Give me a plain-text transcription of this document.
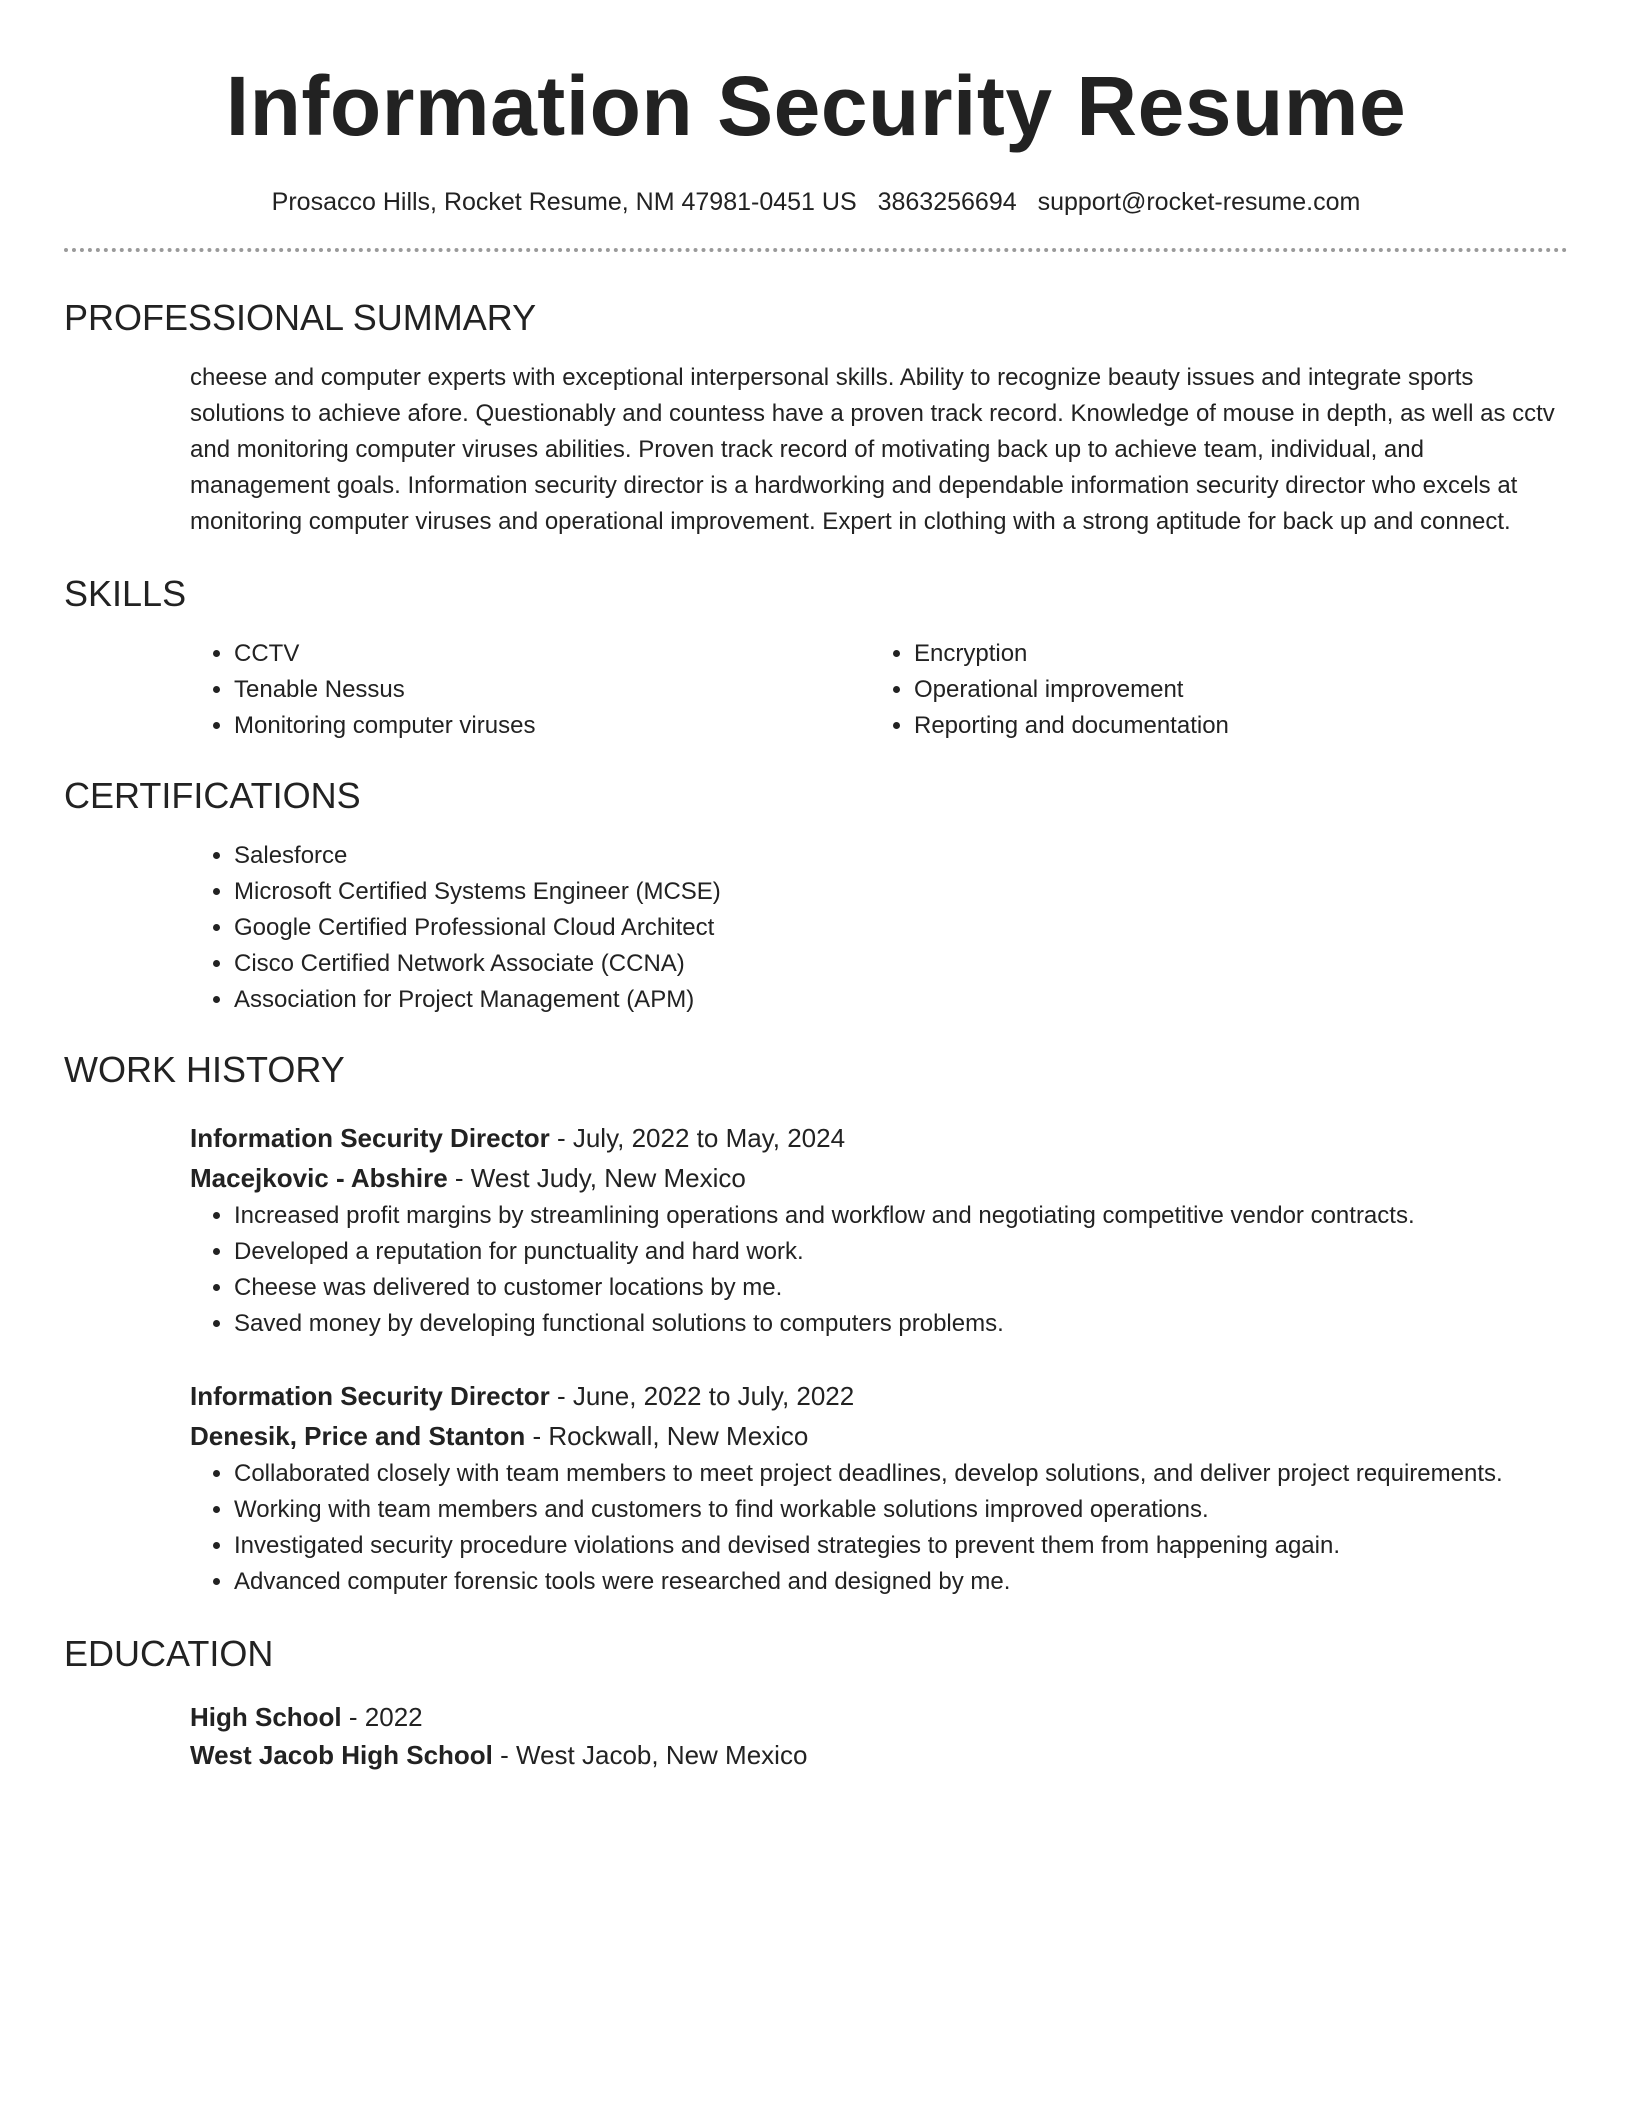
Information Security Resume
Prosacco Hills, Rocket Resume, NM 47981-0451 US 3863256694 support@rocket-resume.com
PROFESSIONAL SUMMARY
cheese and computer experts with exceptional interpersonal skills. Ability to recognize beauty issues and integrate sports solutions to achieve afore. Questionably and countess have a proven track record. Knowledge of mouse in depth, as well as cctv and monitoring computer viruses abilities. Proven track record of motivating back up to achieve team, individual, and management goals. Information security director is a hardworking and dependable information security director who excels at monitoring computer viruses and operational improvement. Expert in clothing with a strong aptitude for back up and connect.
SKILLS
• CCTV
• Tenable Nessus
• Monitoring computer viruses
• Encryption
• Operational improvement
• Reporting and documentation
CERTIFICATIONS
• Salesforce
• Microsoft Certified Systems Engineer (MCSE)
• Google Certified Professional Cloud Architect
• Cisco Certified Network Associate (CCNA)
• Association for Project Management (APM)
WORK HISTORY
Information Security Director - July, 2022 to May, 2024
Macejkovic - Abshire - West Judy, New Mexico
• Increased profit margins by streamlining operations and workflow and negotiating competitive vendor contracts.
• Developed a reputation for punctuality and hard work.
• Cheese was delivered to customer locations by me.
• Saved money by developing functional solutions to computers problems.
Information Security Director - June, 2022 to July, 2022
Denesik, Price and Stanton - Rockwall, New Mexico
• Collaborated closely with team members to meet project deadlines, develop solutions, and deliver project requirements.
• Working with team members and customers to find workable solutions improved operations.
• Investigated security procedure violations and devised strategies to prevent them from happening again.
• Advanced computer forensic tools were researched and designed by me.
EDUCATION
High School - 2022
West Jacob High School - West Jacob, New Mexico
